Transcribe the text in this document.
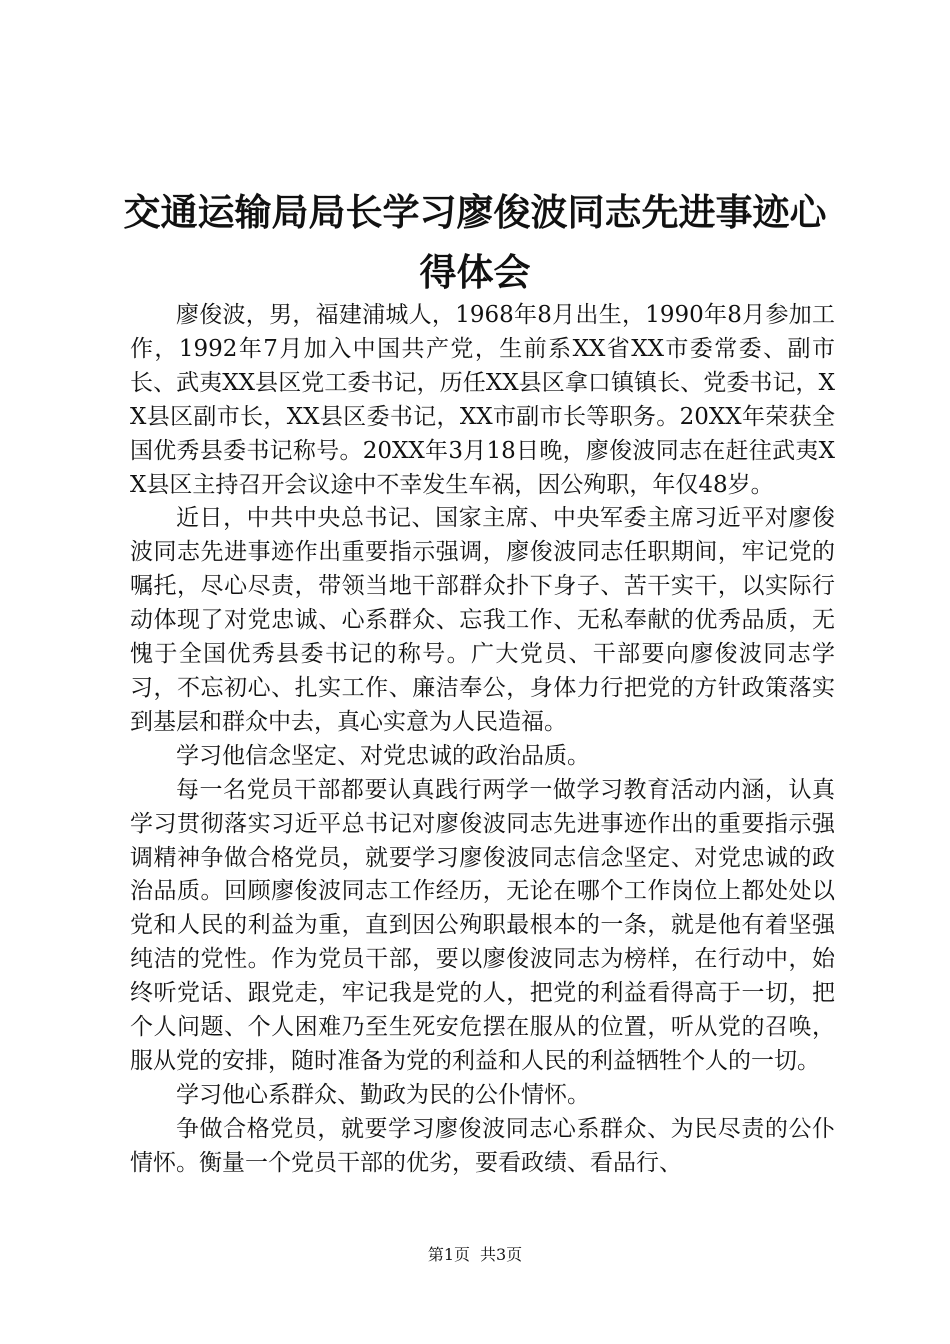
交通运输局局长学习廖俊波同志先进事迹心得体会

廖俊波，男，福建浦城人，1968年8月出生，1990年8月参加工作，1992年7月加入中国共产党，生前系XX省XX市委常委、副市长、武夷XX县区党工委书记，历任XX县区拿口镇镇长、党委书记，XX县区副市长，XX县区委书记，XX市副市长等职务。20XX年荣获全国优秀县委书记称号。20XX年3月18日晚，廖俊波同志在赶往武夷XX县区主持召开会议途中不幸发生车祸，因公殉职，年仅48岁。

近日，中共中央总书记、国家主席、中央军委主席习近平对廖俊波同志先进事迹作出重要指示强调，廖俊波同志任职期间，牢记党的嘱托，尽心尽责，带领当地干部群众扑下身子、苦干实干，以实际行动体现了对党忠诚、心系群众、忘我工作、无私奉献的优秀品质，无愧于全国优秀县委书记的称号。广大党员、干部要向廖俊波同志学习，不忘初心、扎实工作、廉洁奉公，身体力行把党的方针政策落实到基层和群众中去，真心实意为人民造福。

学习他信念坚定、对党忠诚的政治品质。

每一名党员干部都要认真践行两学一做学习教育活动内涵，认真学习贯彻落实习近平总书记对廖俊波同志先进事迹作出的重要指示强调精神争做合格党员，就要学习廖俊波同志信念坚定、对党忠诚的政治品质。回顾廖俊波同志工作经历，无论在哪个工作岗位上都处处以党和人民的利益为重，直到因公殉职最根本的一条，就是他有着坚强纯洁的党性。作为党员干部，要以廖俊波同志为榜样，在行动中，始终听党话、跟党走，牢记我是党的人，把党的利益看得高于一切，把个人问题、个人困难乃至生死安危摆在服从的位置，听从党的召唤，服从党的安排，随时准备为党的利益和人民的利益牺牲个人的一切。

学习他心系群众、勤政为民的公仆情怀。

争做合格党员，就要学习廖俊波同志心系群众、为民尽责的公仆情怀。衡量一个党员干部的优劣，要看政绩、看品行、

第1页 共3页
